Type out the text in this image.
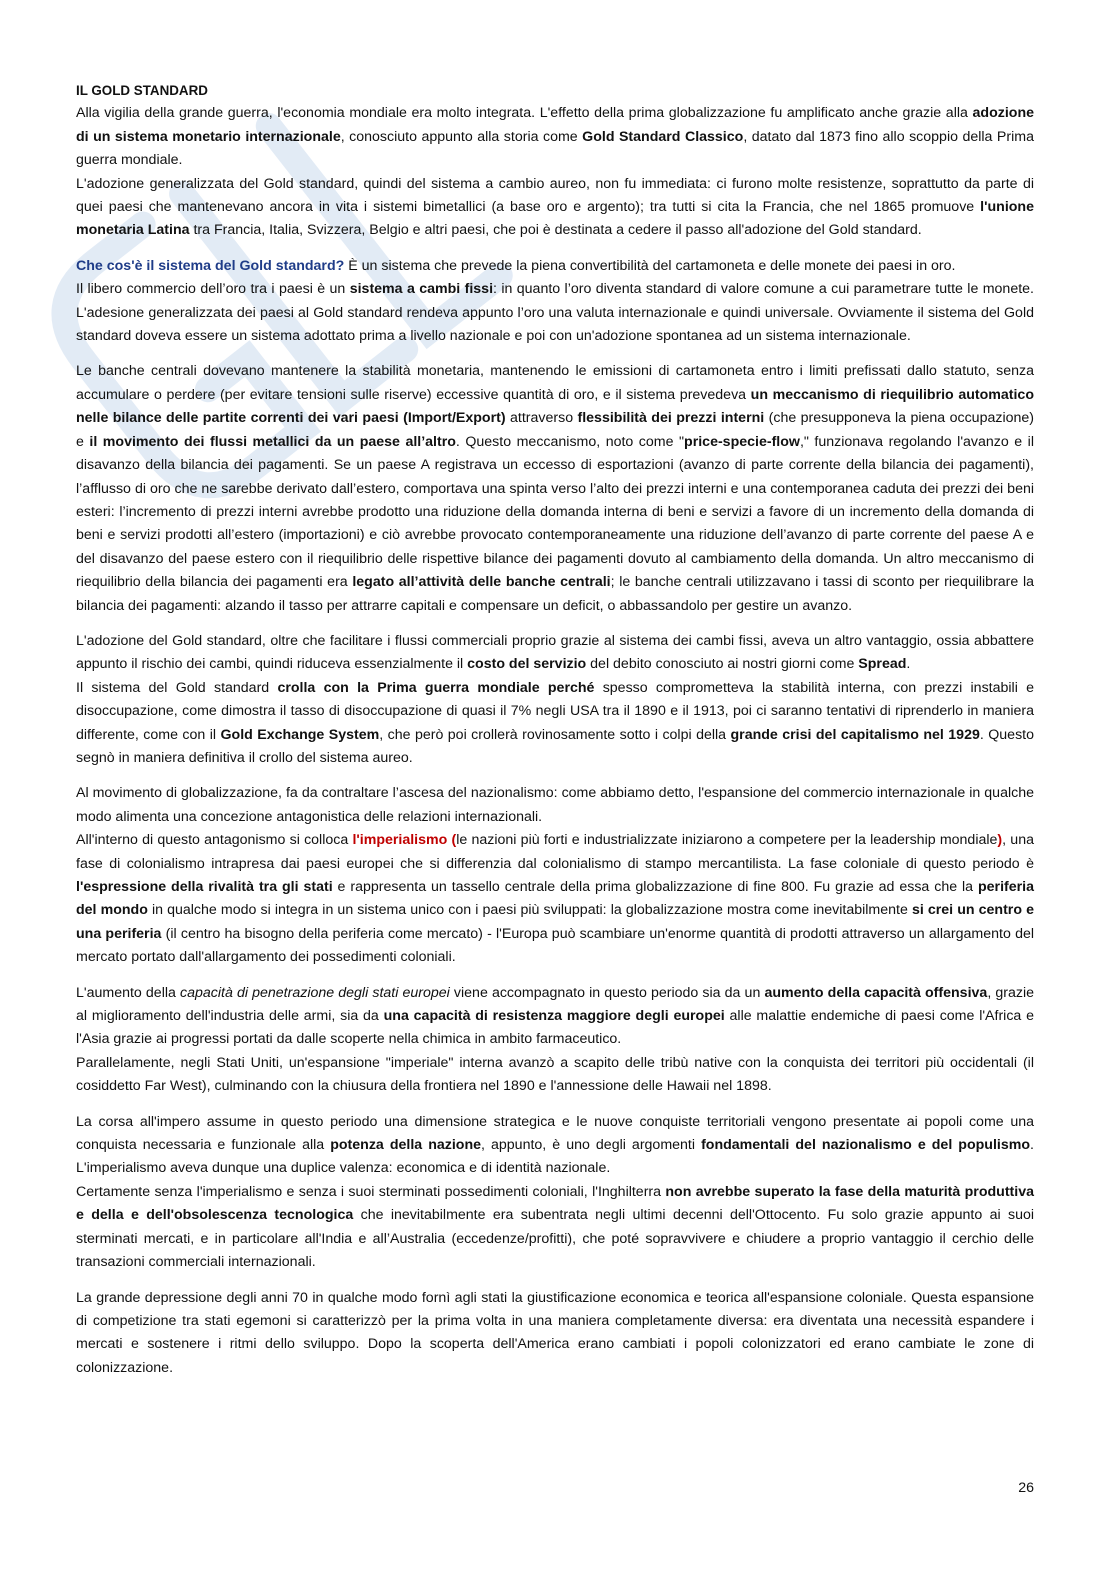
IL GOLD STANDARD

Alla vigilia della grande guerra, l'economia mondiale era molto integrata. L'effetto della prima globalizzazione fu amplificato anche grazie alla adozione di un sistema monetario internazionale, conosciuto appunto alla storia come Gold Standard Classico, datato dal 1873 fino allo scoppio della Prima guerra mondiale.
L'adozione generalizzata del Gold standard, quindi del sistema a cambio aureo, non fu immediata: ci furono molte resistenze, soprattutto da parte di quei paesi che mantenevano ancora in vita i sistemi bimetallici (a base oro e argento); tra tutti si cita la Francia, che nel 1865 promuove l'unione monetaria Latina tra Francia, Italia, Svizzera, Belgio e altri paesi, che poi è destinata a cedere il passo all'adozione del Gold standard.

Che cos'è il sistema del Gold standard? È un sistema che prevede la piena convertibilità del cartamoneta e delle monete dei paesi in oro.
Il libero commercio dell’oro tra i paesi è un sistema a cambi fissi: in quanto l’oro diventa standard di valore comune a cui parametrare tutte le monete. L'adesione generalizzata dei paesi al Gold standard rendeva appunto l’oro una valuta internazionale e quindi universale. Ovviamente il sistema del Gold standard doveva essere un sistema adottato prima a livello nazionale e poi con un'adozione spontanea ad un sistema internazionale.

Le banche centrali dovevano mantenere la stabilità monetaria, mantenendo le emissioni di cartamoneta entro i limiti prefissati dallo statuto, senza accumulare o perdere (per evitare tensioni sulle riserve) eccessive quantità di oro, e il sistema prevedeva un meccanismo di riequilibrio automatico nelle bilance delle partite correnti dei vari paesi (Import/Export) attraverso flessibilità dei prezzi interni (che presupponeva la piena occupazione) e il movimento dei flussi metallici da un paese all’altro. Questo meccanismo, noto come "price-specie-flow," funzionava regolando l'avanzo e il disavanzo della bilancia dei pagamenti. Se un paese A registrava un eccesso di esportazioni (avanzo di parte corrente della bilancia dei pagamenti), l’afflusso di oro che ne sarebbe derivato dall’estero, comportava una spinta verso l’alto dei prezzi interni e una contemporanea caduta dei prezzi dei beni esteri: l’incremento di prezzi interni avrebbe prodotto una riduzione della domanda interna di beni e servizi a favore di un incremento della domanda di beni e servizi prodotti all’estero (importazioni) e ciò avrebbe provocato contemporaneamente una riduzione dell’avanzo di parte corrente del paese A e del disavanzo del paese estero con il riequilibrio delle rispettive bilance dei pagamenti dovuto al cambiamento della domanda. Un altro meccanismo di riequilibrio della bilancia dei pagamenti era legato all’attività delle banche centrali; le banche centrali utilizzavano i tassi di sconto per riequilibrare la bilancia dei pagamenti: alzando il tasso per attrarre capitali e compensare un deficit, o abbassandolo per gestire un avanzo.

L'adozione del Gold standard, oltre che facilitare i flussi commerciali proprio grazie al sistema dei cambi fissi, aveva un altro vantaggio, ossia abbattere appunto il rischio dei cambi, quindi riduceva essenzialmente il costo del servizio del debito conosciuto ai nostri giorni come Spread.
Il sistema del Gold standard crolla con la Prima guerra mondiale perché spesso comprometteva la stabilità interna, con prezzi instabili e disoccupazione, come dimostra il tasso di disoccupazione di quasi il 7% negli USA tra il 1890 e il 1913, poi ci saranno tentativi di riprenderlo in maniera differente, come con il Gold Exchange System, che però poi crollerà rovinosamente sotto i colpi della grande crisi del capitalismo nel 1929. Questo segnò in maniera definitiva il crollo del sistema aureo.

Al movimento di globalizzazione, fa da contraltare l’ascesa del nazionalismo: come abbiamo detto, l'espansione del commercio internazionale in qualche modo alimenta una concezione antagonistica delle relazioni internazionali.
All'interno di questo antagonismo si colloca l'imperialismo (le nazioni più forti e industrializzate iniziarono a competere per la leadership mondiale), una fase di colonialismo intrapresa dai paesi europei che si differenzia dal colonialismo di stampo mercantilista. La fase coloniale di questo periodo è l'espressione della rivalità tra gli stati e rappresenta un tassello centrale della prima globalizzazione di fine 800. Fu grazie ad essa che la periferia del mondo in qualche modo si integra in un sistema unico con i paesi più sviluppati: la globalizzazione mostra come inevitabilmente si crei un centro e una periferia (il centro ha bisogno della periferia come mercato) - l'Europa può scambiare un'enorme quantità di prodotti attraverso un allargamento del mercato portato dall'allargamento dei possedimenti coloniali.

L'aumento della capacità di penetrazione degli stati europei viene accompagnato in questo periodo sia da un aumento della capacità offensiva, grazie al miglioramento dell'industria delle armi, sia da una capacità di resistenza maggiore degli europei alle malattie endemiche di paesi come l'Africa e l'Asia grazie ai progressi portati da dalle scoperte nella chimica in ambito farmaceutico.
Parallelamente, negli Stati Uniti, un'espansione "imperiale" interna avanzò a scapito delle tribù native con la conquista dei territori più occidentali (il cosiddetto Far West), culminando con la chiusura della frontiera nel 1890 e l'annessione delle Hawaii nel 1898.

La corsa all'impero assume in questo periodo una dimensione strategica e le nuove conquiste territoriali vengono presentate ai popoli come una conquista necessaria e funzionale alla potenza della nazione, appunto, è uno degli argomenti fondamentali del nazionalismo e del populismo. L'imperialismo aveva dunque una duplice valenza: economica e di identità nazionale.
Certamente senza l'imperialismo e senza i suoi sterminati possedimenti coloniali, l'Inghilterra non avrebbe superato la fase della maturità produttiva e della e dell'obsolescenza tecnologica che inevitabilmente era subentrata negli ultimi decenni dell'Ottocento. Fu solo grazie appunto ai suoi sterminati mercati, e in particolare all'India e all’Australia (eccedenze/profitti), che poté sopravvivere e chiudere a proprio vantaggio il cerchio delle transazioni commerciali internazionali.

La grande depressione degli anni 70 in qualche modo fornì agli stati la giustificazione economica e teorica all'espansione coloniale. Questa espansione di competizione tra stati egemoni si caratterizzò per la prima volta in una maniera completamente diversa: era diventata una necessità espandere i mercati e sostenere i ritmi dello sviluppo. Dopo la scoperta dell'America erano cambiati i popoli colonizzatori ed erano cambiate le zone di colonizzazione.

26
